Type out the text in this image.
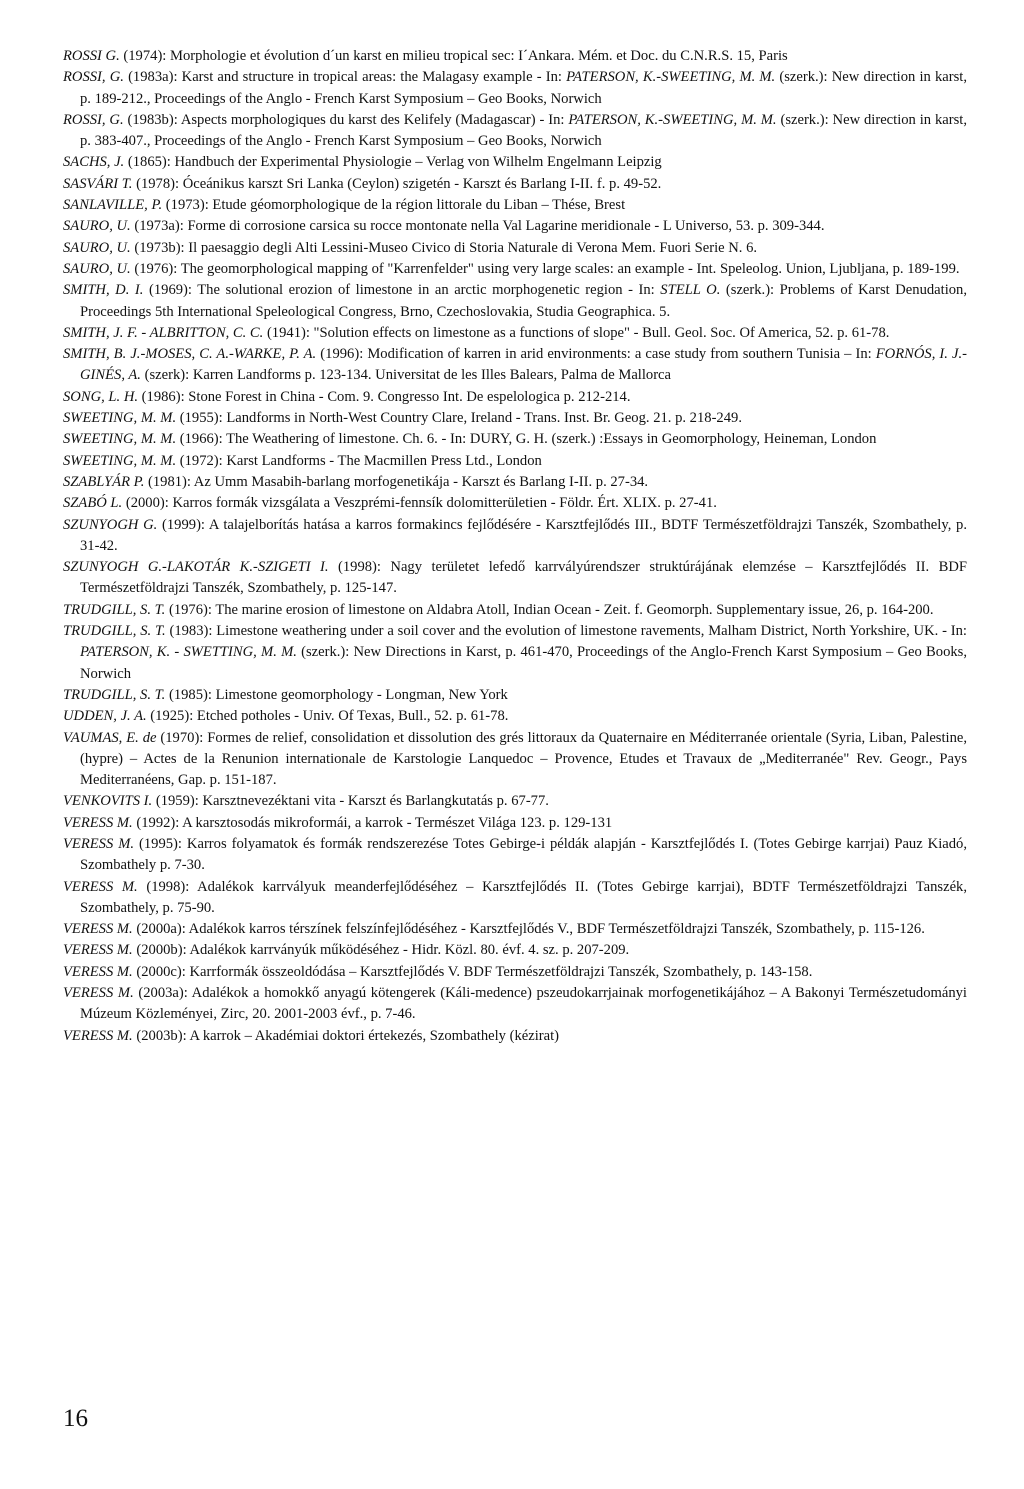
ROSSI G. (1974): Morphologie et évolution d´un karst en milieu tropical sec: I´Ankara. Mém. et Doc. du C.N.R.S. 15, Paris

ROSSI, G. (1983a): Karst and structure in tropical areas: the Malagasy example - In: PATERSON, K.-SWEETING, M. M. (szerk.): New direction in karst, p. 189-212., Proceedings of the Anglo - French Karst Symposium – Geo Books, Norwich

ROSSI, G. (1983b): Aspects morphologiques du karst des Kelifely (Madagascar) - In: PATERSON, K.-SWEETING, M. M. (szerk.): New direction in karst, p. 383-407., Proceedings of the Anglo - French Karst Symposium – Geo Books, Norwich

SACHS, J. (1865): Handbuch der Experimental Physiologie – Verlag von Wilhelm Engelmann Leipzig

SASVÁRI T. (1978): Óceánikus karszt Sri Lanka (Ceylon) szigetén - Karszt és Barlang I-II. f. p. 49-52.

SANLAVILLE, P. (1973): Etude géomorphologique de la région littorale du Liban – Thése, Brest

SAURO, U. (1973a): Forme di corrosione carsica su rocce montonate nella Val Lagarine meridionale - L Universo, 53. p. 309-344.

SAURO, U. (1973b): Il paesaggio degli Alti Lessini-Museo Civico di Storia Naturale di Verona Mem. Fuori Serie N. 6.

SAURO, U. (1976): The geomorphological mapping of "Karrenfelder" using very large scales: an example - Int. Speleolog. Union, Ljubljana, p. 189-199.

SMITH, D. I. (1969): The solutional erozion of limestone in an arctic morphogenetic region - In: STELL O. (szerk.): Problems of Karst Denudation, Proceedings 5th International Speleological Congress, Brno, Czechoslovakia, Studia Geographica. 5.

SMITH, J. F. - ALBRITTON, C. C. (1941): "Solution effects on limestone as a functions of slope" - Bull. Geol. Soc. Of America, 52. p. 61-78.

SMITH, B. J.-MOSES, C. A.-WARKE, P. A. (1996): Modification of karren in arid environments: a case study from southern Tunisia – In: FORNÓS, I. J.-GINÉS, A. (szerk): Karren Landforms p. 123-134. Universitat de les Illes Balears, Palma de Mallorca

SONG, L. H. (1986): Stone Forest in China - Com. 9. Congresso Int. De espelologica p. 212-214.

SWEETING, M. M. (1955): Landforms in North-West Country Clare, Ireland - Trans. Inst. Br. Geog. 21. p. 218-249.

SWEETING, M. M. (1966): The Weathering of limestone. Ch. 6. - In: DURY, G. H. (szerk.) :Essays in Geomorphology, Heineman, London

SWEETING, M. M. (1972): Karst Landforms - The Macmillen Press Ltd., London

SZABLYÁR P. (1981): Az Umm Masabih-barlang morfogenetikája - Karszt és Barlang I-II. p. 27-34.

SZABÓ L. (2000): Karros formák vizsgálata a Veszprémi-fennsík dolomitterületien - Földr. Ért. XLIX. p. 27-41.

SZUNYOGH G. (1999): A talajelborítás hatása a karros formakincs fejlődésére - Karsztfejlődés III., BDTF Természetföldrajzi Tanszék, Szombathely, p. 31-42.

SZUNYOGH G.-LAKOTÁR K.-SZIGETI I. (1998): Nagy területet lefedő karrvályúrendszer struktúrájának elemzése – Karsztfejlődés II. BDF Természetföldrajzi Tanszék, Szombathely, p. 125-147.

TRUDGILL, S. T. (1976): The marine erosion of limestone on Aldabra Atoll, Indian Ocean - Zeit. f. Geomorph. Supplementary issue, 26, p. 164-200.

TRUDGILL, S. T. (1983): Limestone weathering under a soil cover and the evolution of limestone ravements, Malham District, North Yorkshire, UK. - In: PATERSON, K. - SWETTING, M. M. (szerk.): New Directions in Karst, p. 461-470, Proceedings of the Anglo-French Karst Symposium – Geo Books, Norwich

TRUDGILL, S. T. (1985): Limestone geomorphology - Longman, New York

UDDEN, J. A. (1925): Etched potholes - Univ. Of Texas, Bull., 52. p. 61-78.

VAUMAS, E. de (1970): Formes de relief, consolidation et dissolution des grés littoraux da Quaternaire en Méditerranée orientale (Syria, Liban, Palestine, (hypre) – Actes de la Renunion internationale de Karstologie Lanquedoc – Provence, Etudes et Travaux de „Mediterranée" Rev. Geogr., Pays Mediterranéens, Gap. p. 151-187.

VENKOVITS I. (1959): Karsztnevezéktani vita - Karszt és Barlangkutatás p. 67-77.

VERESS M. (1992): A karsztosodás mikroformái, a karrok - Természet Világa 123. p. 129-131

VERESS M. (1995): Karros folyamatok és formák rendszerezése Totes Gebirge-i példák alapján - Karsztfejlődés I. (Totes Gebirge karrjai) Pauz Kiadó, Szombathely p. 7-30.

VERESS M. (1998): Adalékok karrvályuk meanderfejlődéséhez – Karsztfejlődés II. (Totes Gebirge karrjai), BDTF Természetföldrajzi Tanszék, Szombathely, p. 75-90.

VERESS M. (2000a): Adalékok karros térszínek felszínfejlődéséhez - Karsztfejlődés V., BDF Természetföldrajzi Tanszék, Szombathely, p. 115-126.

VERESS M. (2000b): Adalékok karrványúk működéséhez - Hidr. Közl. 80. évf. 4. sz. p. 207-209.

VERESS M. (2000c): Karrformák összeoldódása – Karsztfejlődés V. BDF Természetföldrajzi Tanszék, Szombathely, p. 143-158.

VERESS M. (2003a): Adalékok a homokkő anyagú kötengerek (Káli-medence) pszeudokarrjainak morfogenetikájához – A Bakonyi Természetudományi Múzeum Közleményei, Zirc, 20. 2001-2003 évf., p. 7-46.

VERESS M. (2003b): A karrok – Akadémiai doktori értekezés, Szombathely (kézirat)

16
